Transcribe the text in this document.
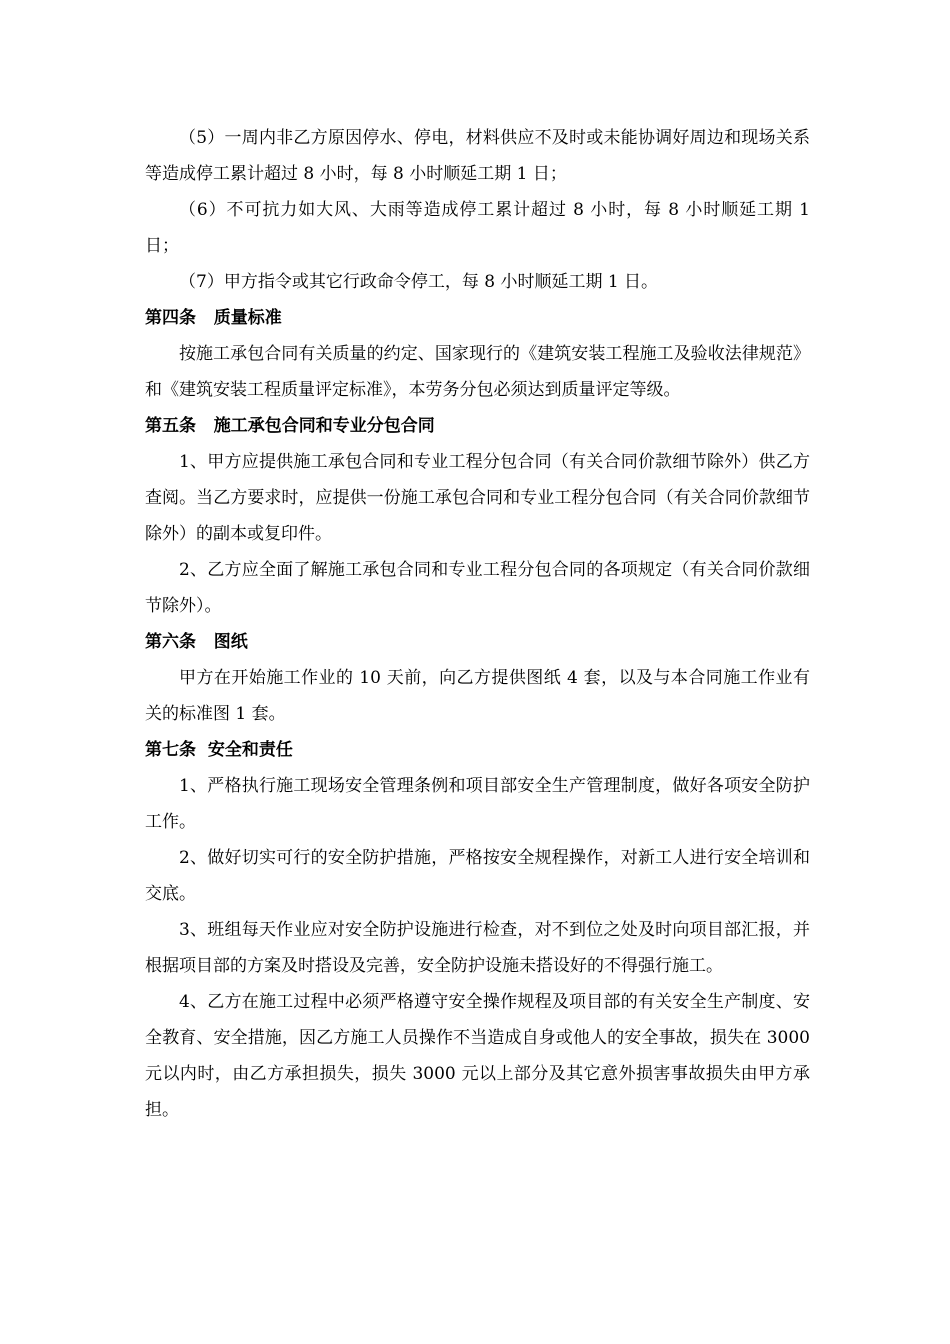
（5）一周内非乙方原因停水、停电，材料供应不及时或未能协调好周边和现场关系等造成停工累计超过 8 小时，每 8 小时顺延工期 1 日；

（6）不可抗力如大风、大雨等造成停工累计超过 8 小时，每 8 小时顺延工期 1 日；

（7）甲方指令或其它行政命令停工，每 8 小时顺延工期 1 日。

第四条   质量标准

按施工承包合同有关质量的约定、国家现行的《建筑安装工程施工及验收法律规范》和《建筑安装工程质量评定标准》，本劳务分包必须达到质量评定等级。

第五条   施工承包合同和专业分包合同

1、甲方应提供施工承包合同和专业工程分包合同（有关合同价款细节除外）供乙方查阅。当乙方要求时，应提供一份施工承包合同和专业工程分包合同（有关合同价款细节除外）的副本或复印件。

2、乙方应全面了解施工承包合同和专业工程分包合同的各项规定（有关合同价款细节除外）。

第六条   图纸

甲方在开始施工作业的 10 天前，向乙方提供图纸 4 套，以及与本合同施工作业有关的标准图 1 套。

第七条  安全和责任

1、严格执行施工现场安全管理条例和项目部安全生产管理制度，做好各项安全防护工作。

2、做好切实可行的安全防护措施，严格按安全规程操作，对新工人进行安全培训和交底。

3、班组每天作业应对安全防护设施进行检查，对不到位之处及时向项目部汇报，并根据项目部的方案及时搭设及完善，安全防护设施未搭设好的不得强行施工。

4、乙方在施工过程中必须严格遵守安全操作规程及项目部的有关安全生产制度、安全教育、安全措施，因乙方施工人员操作不当造成自身或他人的安全事故，损失在 3000 元以内时，由乙方承担损失，损失 3000 元以上部分及其它意外损害事故损失由甲方承担。
